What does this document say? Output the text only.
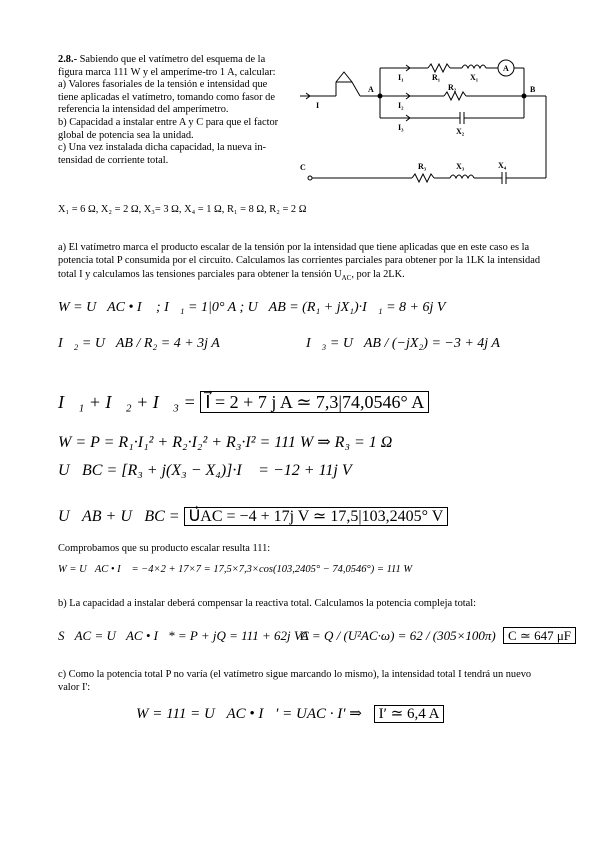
2.8.- Sabiendo que el vatímetro del esquema de la figura marca 111 W y el amperíme-tro 1 A, calcular:

a) Valores fasoriales de la tensión e intensidad que tiene aplicadas el vatímetro, tomando como fasor de referencia la intensidad del amperímetro.

b) Capacidad a instalar entre A y C para que el factor global de potencia sea la unidad.

c) Una vez instalada dicha capacidad, la nueva in-tensidad de corriente total.

X₁ = 6 Ω, X₂ = 2 Ω, X₃= 3 Ω, X₄ = 1 Ω, R₁ = 8 Ω, R₂ = 2 Ω
I
A
I₁	R₁	X₁
A
R₂
I₂
B
I₃	X₂
C	R₃	X₃	X₄

a) El vatímetro marca el producto escalar de la tensión por la intensidad que tiene aplicadas que en este caso es la potencia total P consumida por el circuito. Calculamos las corrientes parciales para obtener por la 1LK la intensidad total I y calculamos las tensiones parciales para obtener la tensión $U_{AC}$, por la 2LK.

W = U⃗AC • I⃗ ; I⃗₁ = 1|0° A ; U⃗AB = (R₁ + jX₁)·I⃗₁ = 8 + 6j V
I⃗₂ = U⃗AB / R₂ = 4 + 3j A	I⃗₃ = U⃗AB / (−jX₂) = −3 + 4j A
I⃗₁ + I⃗₂ + I⃗₃ = I⃗ = 2 + 7 j A ≃ 7,3|74,0546° A
W = P = R₁·I₁² + R₂·I₂² + R₃·I² = 111 W ⇒ R₃ = 1 Ω
U⃗BC = [R₃ + j(X₃ − X₄)]·I⃗ = −12 + 11j V
U⃗AB + U⃗BC = U⃗AC = −4 + 17j V ≃ 17,5|103,2405° V
Comprobamos que su producto escalar resulta 111:
W = U⃗AC • I⃗ = −4×2 + 17×7 = 17,5×7,3×cos(103,2405° − 74,0546°) = 111 W
b) La capacidad a instalar deberá compensar la reactiva total. Calculamos la potencia compleja total:
S⃗AC = U⃗AC • I⃗* = P + jQ = 111 + 62j VA
C = Q / (U²AC·ω) = 62 / (305×100π) C ≃ 647 μF
c) Como la potencia total P no varía (el vatímetro sigue marcando lo mismo), la intensidad total I tendrá un nuevo valor I':
W = 111 = U⃗AC • I⃗′ = UAC · I′ ⇒ I′ ≃ 6,4 A
